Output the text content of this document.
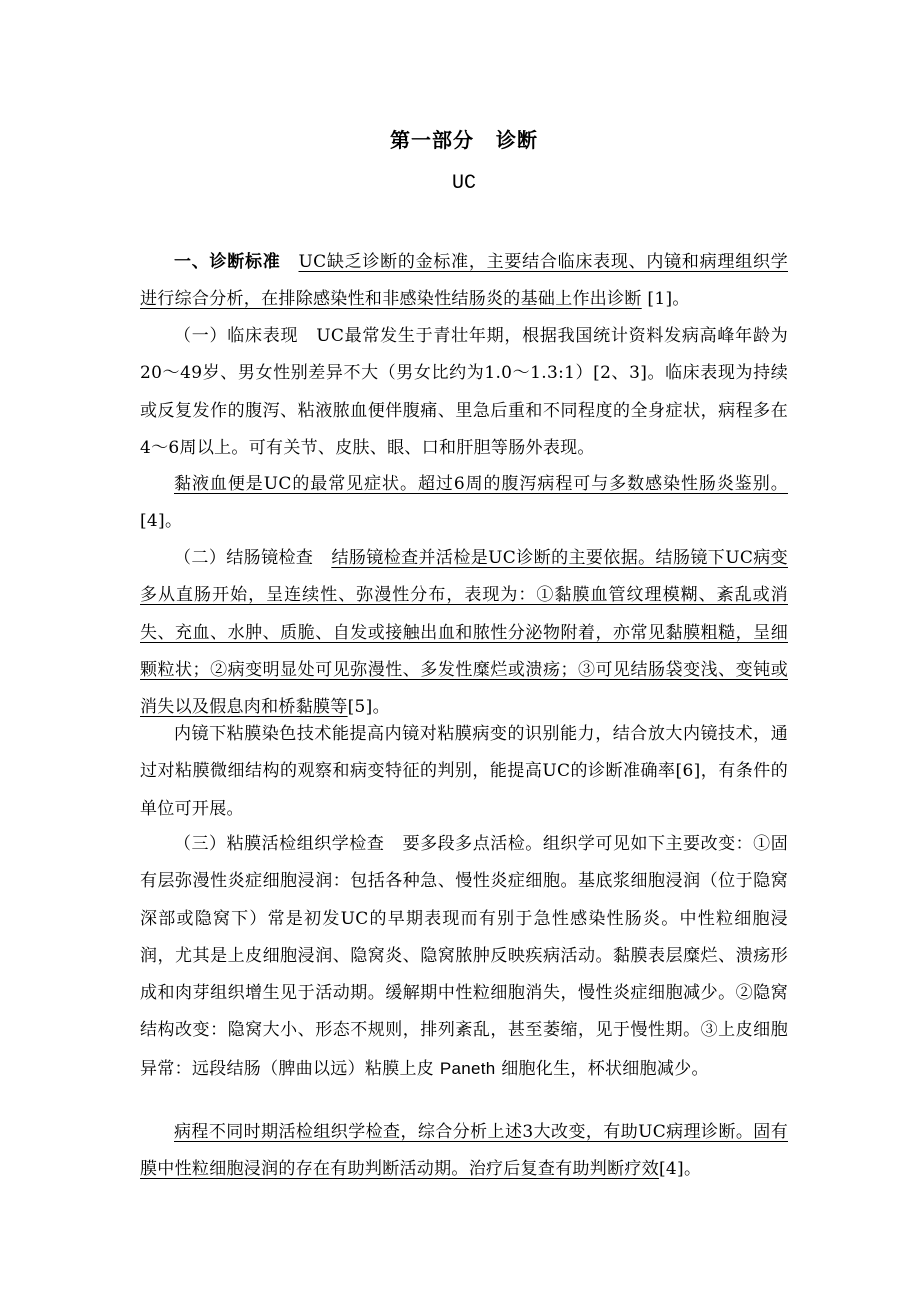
第一部分 诊断
UC

一、诊断标准 UC缺乏诊断的金标准，主要结合临床表现、内镜和病理组织学进行综合分析，在排除感染性和非感染性结肠炎的基础上作出诊断 [1]。

（一）临床表现 UC最常发生于青壮年期，根据我国统计资料发病高峰年龄为20～49岁、男女性别差异不大（男女比约为1.0～1.3:1）[2、3]。临床表现为持续或反复发作的腹泻、粘液脓血便伴腹痛、里急后重和不同程度的全身症状，病程多在4～6周以上。可有关节、皮肤、眼、口和肝胆等肠外表现。

黏液血便是UC的最常见症状。超过6周的腹泻病程可与多数感染性肠炎鉴别。[4]。

（二）结肠镜检查 结肠镜检查并活检是UC诊断的主要依据。结肠镜下UC病变多从直肠开始，呈连续性、弥漫性分布，表现为：①黏膜血管纹理模糊、紊乱或消失、充血、水肿、质脆、自发或接触出血和脓性分泌物附着，亦常见黏膜粗糙，呈细颗粒状；②病变明显处可见弥漫性、多发性糜烂或溃疡；③可见结肠袋变浅、变钝或消失以及假息肉和桥黏膜等[5]。

内镜下粘膜染色技术能提高内镜对粘膜病变的识别能力，结合放大内镜技术，通过对粘膜微细结构的观察和病变特征的判别，能提高UC的诊断准确率[6]，有条件的单位可开展。

（三）粘膜活检组织学检查 要多段多点活检。组织学可见如下主要改变：①固有层弥漫性炎症细胞浸润：包括各种急、慢性炎症细胞。基底浆细胞浸润（位于隐窝深部或隐窝下）常是初发UC的早期表现而有别于急性感染性肠炎。中性粒细胞浸润，尤其是上皮细胞浸润、隐窝炎、隐窝脓肿反映疾病活动。黏膜表层糜烂、溃疡形成和肉芽组织增生见于活动期。缓解期中性粒细胞消失，慢性炎症细胞减少。②隐窝结构改变：隐窝大小、形态不规则，排列紊乱，甚至萎缩，见于慢性期。③上皮细胞异常：远段结肠（脾曲以远）粘膜上皮 Paneth 细胞化生，杯状细胞减少。

病程不同时期活检组织学检查，综合分析上述3大改变，有助UC病理诊断。固有膜中性粒细胞浸润的存在有助判断活动期。治疗后复查有助判断疗效[4]。
